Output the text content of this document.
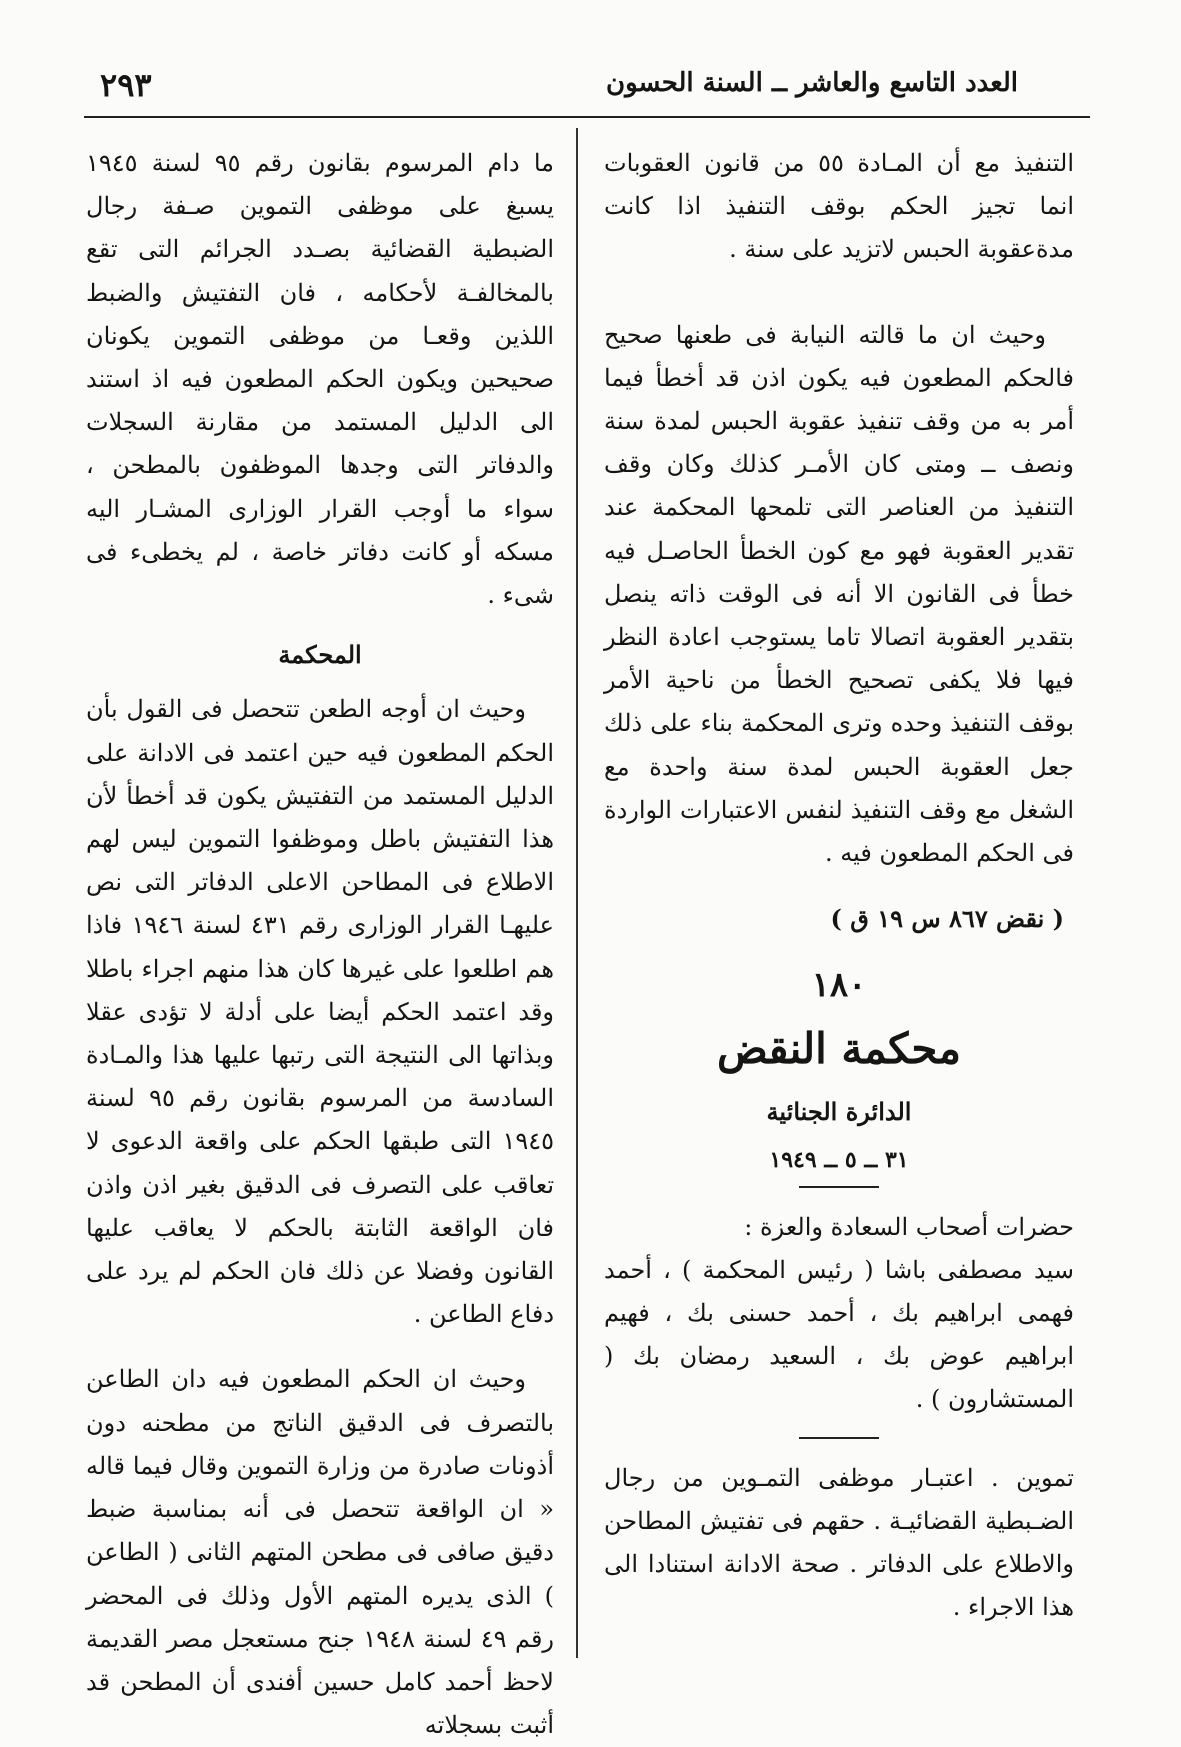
٢٩٣	العدد التاسع والعاشر ــ السنة الحسون

التنفيذ مع أن المـادة ٥٥ من قانون العقوبات انما تجيز الحكم بوقف التنفيذ اذا كانت مدةعقوبة الحبس لاتزيد على سنة .

وحيث ان ما قالته النيابة فى طعنها صحيح فالحكم المطعون فيه يكون اذن قد أخطأ فيما أمر به من وقف تنفيذ عقوبة الحبس لمدة سنة ونصف ــ ومتى كان الأمـر كذلك وكان وقف التنفيذ من العناصر التى تلمحها المحكمة عند تقدير العقوبة فهو مع كون الخطأ الحاصـل فيه خطأ فى القانون الا أنه فى الوقت ذاته ينصل بتقدير العقوبة اتصالا تاما يستوجب اعادة النظر فيها فلا يكفى تصحيح الخطأ من ناحية الأمر بوقف التنفيذ وحده وترى المحكمة بناء على ذلك جعل العقوبة الحبس لمدة سنة واحدة مع الشغل مع وقف التنفيذ لنفس الاعتبارات الواردة فى الحكم المطعون فيه .

( نقض ٨٦٧ س ١٩ ق )

١٨٠
محكمة النقض
الدائرة الجنائية
٣١ ــ ٥ ــ ١٩٤٩

حضرات أصحاب السعادة والعزة :

سيد مصطفى باشا ( رئيس المحكمة ) ، أحمد فهمى ابراهيم بك ، أحمد حسنى بك ، فهيم ابراهيم عوض بك ، السعيد رمضان بك ( المستشارون ) .

تموين . اعتبـار موظفى التمـوين من رجال الضـبطية القضائيـة . حقهم فى تفتيش المطاحن والاطلاع على الدفاتر . صحة الادانة استنادا الى هذا الاجراء .

ما دام المرسوم بقانون رقم ٩٥ لسنة ١٩٤٥ يسبغ على موظفى التموين صـفة رجال الضبطية القضائية بصـدد الجرائم التى تقع بالمخالفـة لأحكامه ، فان التفتيش والضبط اللذين وقعـا من موظفى التموين يكونان صحيحين ويكون الحكم المطعون فيه اذ استند الى الدليل المستمد من مقارنة السجلات والدفاتر التى وجدها الموظفون بالمطحن ، سواء ما أوجب القرار الوزارى المشـار اليه مسكه أو كانت دفاتر خاصة ، لم يخطىء فى شىء .

المحكمة

وحيث ان أوجه الطعن تتحصل فى القول بأن الحكم المطعون فيه حين اعتمد فى الادانة على الدليل المستمد من التفتيش يكون قد أخطأ لأن هذا التفتيش باطل وموظفوا التموين ليس لهم الاطلاع فى المطاحن الاعلى الدفاتر التى نص عليهـا القرار الوزارى رقم ٤٣١ لسنة ١٩٤٦ فاذا هم اطلعوا على غيرها كان هذا منهم اجراء باطلا وقد اعتمد الحكم أيضا على أدلة لا تؤدى عقلا وبذاتها الى النتيجة التى رتبها عليها هذا والمـادة السادسة من المرسوم بقانون رقم ٩٥ لسنة ١٩٤٥ التى طبقها الحكم على واقعة الدعوى لا تعاقب على التصرف فى الدقيق بغير اذن واذن فان الواقعة الثابتة بالحكم لا يعاقب عليها القانون وفضلا عن ذلك فان الحكم لم يرد على دفاع الطاعن .

وحيث ان الحكم المطعون فيه دان الطاعن بالتصرف فى الدقيق الناتج من مطحنه دون أذونات صادرة من وزارة التموين وقال فيما قاله « ان الواقعة تتحصل فى أنه بمناسبة ضبط دقيق صافى فى مطحن المتهم الثانى ( الطاعن ) الذى يديره المتهم الأول وذلك فى المحضر رقم ٤٩ لسنة ١٩٤٨ جنح مستعجل مصر القديمة لاحظ أحمد كامل حسين أفندى أن المطحن قد أثبت بسجلاته
